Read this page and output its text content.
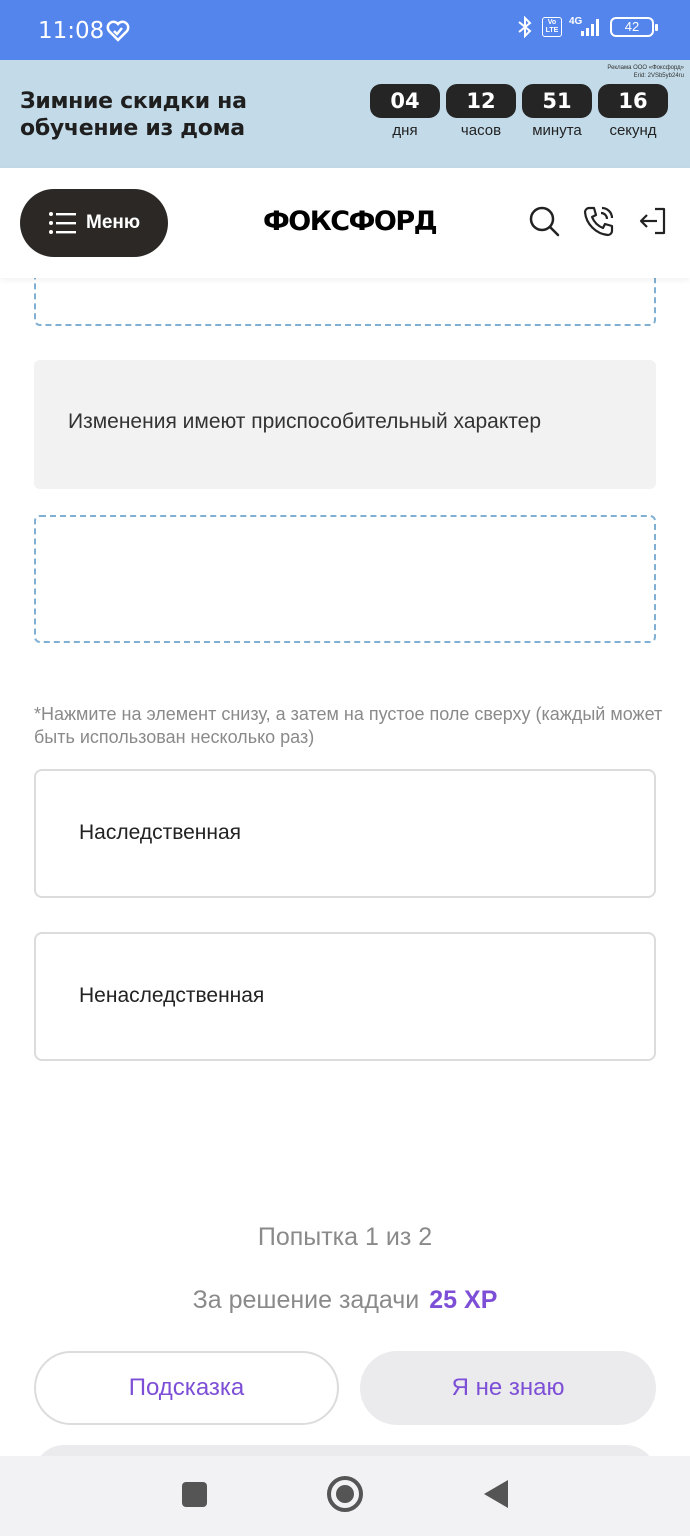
11:08	Vo LTE
4G	42
Реклама ООО «Фоксфорд»
Erid: 2VSb5yb24ru
Зимние скидки на обучение из дома
04
дня
12
часов
51
минута
16
секунд
Меню	ФОКСФОРД
Изменения имеют приспособительный характер
*Нажмите на элемент снизу, а затем на пустое поле сверху (каждый может быть использован несколько раз)
Наследственная
Ненаследственная
Попытка 1 из 2
За решение задачи 25 XP
Подсказка	Я не знаю
